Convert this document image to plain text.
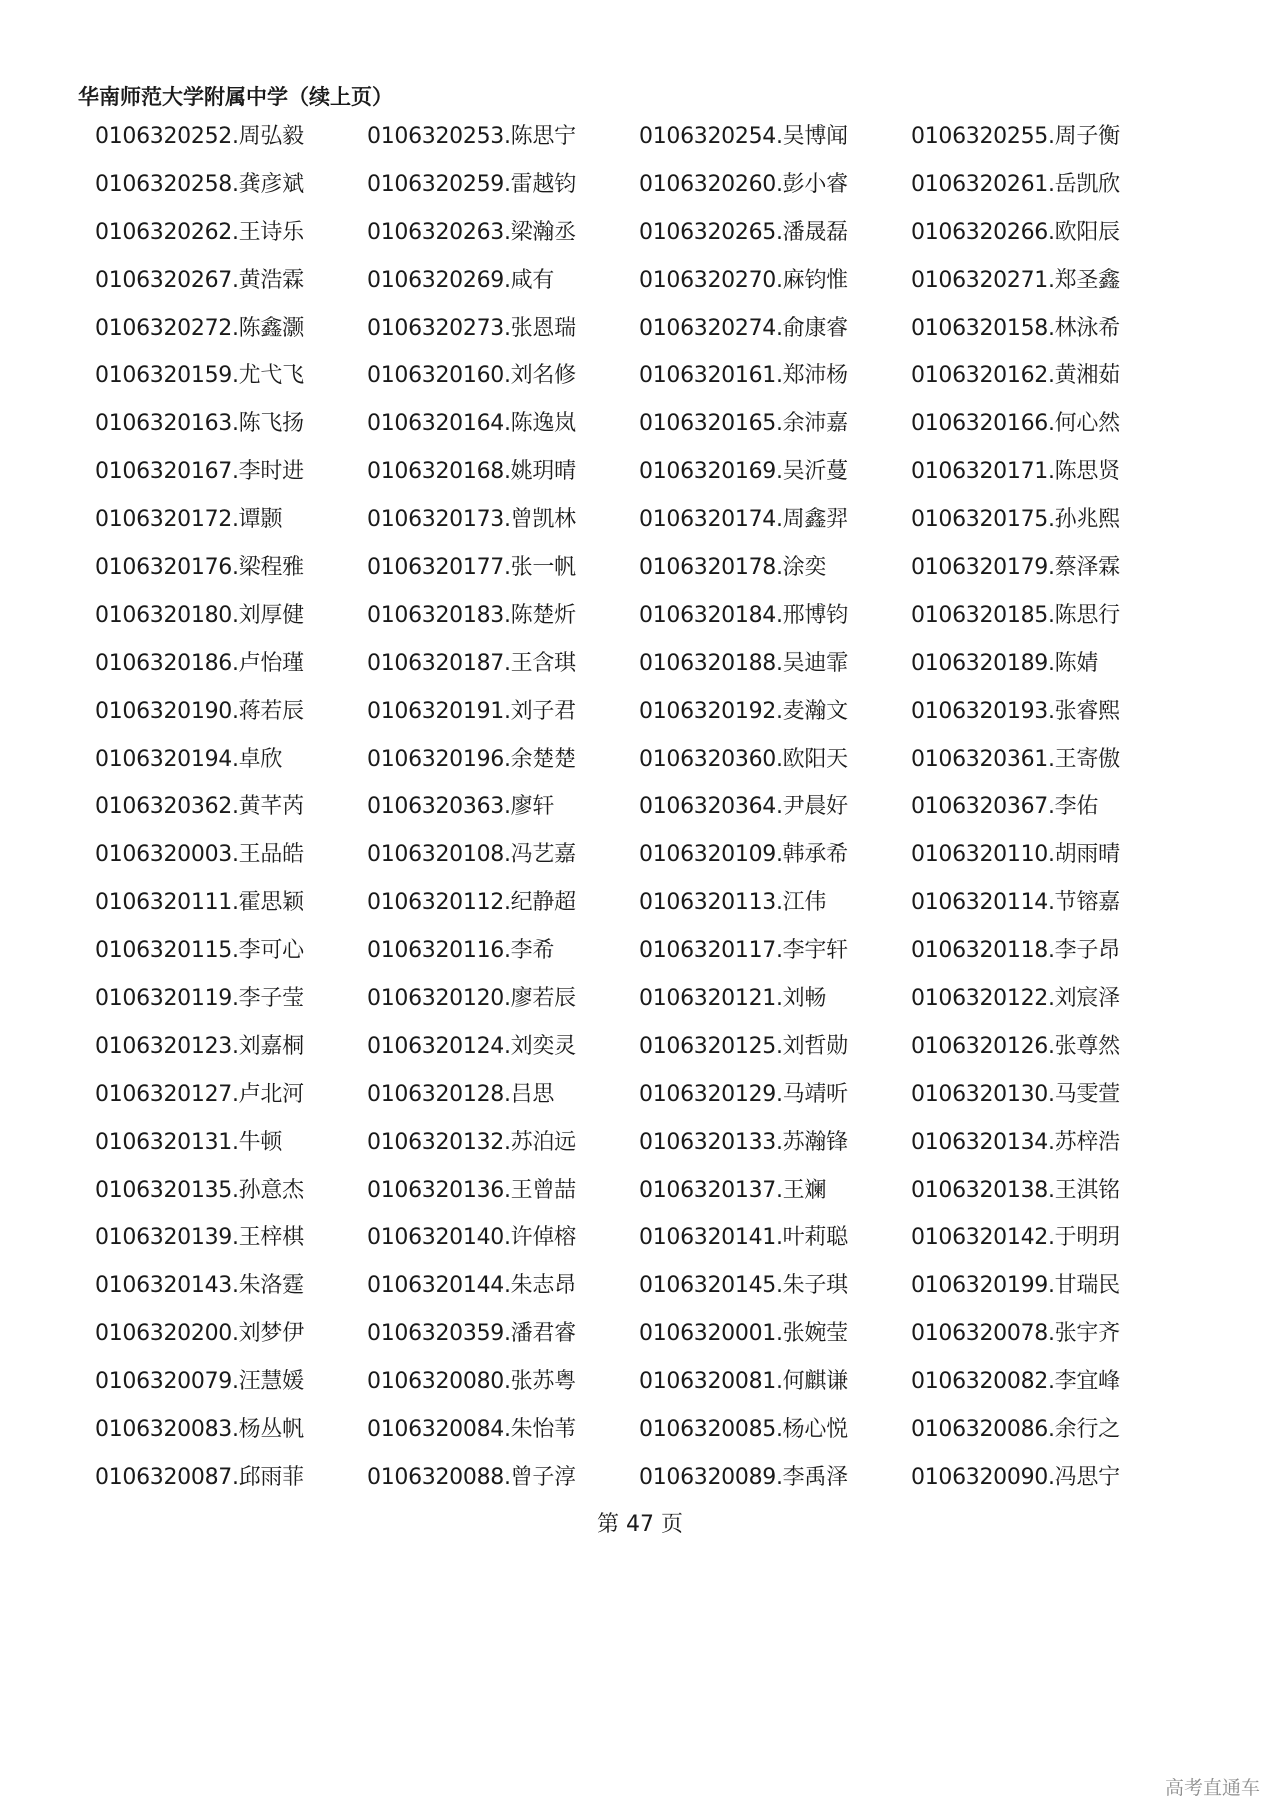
华南师范大学附属中学（续上页）
0106320252.周弘毅	0106320253.陈思宁	0106320254.吴博闻	0106320255.周子衡
0106320258.龚彦斌	0106320259.雷越钧	0106320260.彭小睿	0106320261.岳凯欣
0106320262.王诗乐	0106320263.梁瀚丞	0106320265.潘晟磊	0106320266.欧阳辰
0106320267.黄浩霖	0106320269.咸有	0106320270.麻钧惟	0106320271.郑圣鑫
0106320272.陈鑫灏	0106320273.张恩瑞	0106320274.俞康睿	0106320158.林泳希
0106320159.尤弋飞	0106320160.刘名修	0106320161.郑沛杨	0106320162.黄湘茹
0106320163.陈飞扬	0106320164.陈逸岚	0106320165.余沛嘉	0106320166.何心然
0106320167.李时进	0106320168.姚玥晴	0106320169.吴沂蔓	0106320171.陈思贤
0106320172.谭颢	0106320173.曾凯林	0106320174.周鑫羿	0106320175.孙兆熙
0106320176.梁程雅	0106320177.张一帆	0106320178.涂奕	0106320179.蔡泽霖
0106320180.刘厚健	0106320183.陈楚炘	0106320184.邢博钧	0106320185.陈思行
0106320186.卢怡瑾	0106320187.王含琪	0106320188.吴迪霏	0106320189.陈婧
0106320190.蒋若辰	0106320191.刘子君	0106320192.麦瀚文	0106320193.张睿熙
0106320194.卓欣	0106320196.余楚楚	0106320360.欧阳天	0106320361.王寄傲
0106320362.黄芊芮	0106320363.廖轩	0106320364.尹晨好	0106320367.李佑
0106320003.王品皓	0106320108.冯艺嘉	0106320109.韩承希	0106320110.胡雨晴
0106320111.霍思颖	0106320112.纪静超	0106320113.江伟	0106320114.节镕嘉
0106320115.李可心	0106320116.李希	0106320117.李宇轩	0106320118.李子昂
0106320119.李子莹	0106320120.廖若辰	0106320121.刘畅	0106320122.刘宸泽
0106320123.刘嘉桐	0106320124.刘奕灵	0106320125.刘哲勋	0106320126.张尊然
0106320127.卢北河	0106320128.吕思	0106320129.马靖听	0106320130.马雯萱
0106320131.牛顿	0106320132.苏泊远	0106320133.苏瀚锋	0106320134.苏梓浩
0106320135.孙意杰	0106320136.王曾喆	0106320137.王斓	0106320138.王淇铭
0106320139.王梓棋	0106320140.许倬榕	0106320141.叶莉聪	0106320142.于明玥
0106320143.朱洛霆	0106320144.朱志昂	0106320145.朱子琪	0106320199.甘瑞民
0106320200.刘梦伊	0106320359.潘君睿	0106320001.张婉莹	0106320078.张宇齐
0106320079.汪慧媛	0106320080.张苏粤	0106320081.何麒谦	0106320082.李宜峰
0106320083.杨丛帆	0106320084.朱怡苇	0106320085.杨心悦	0106320086.余行之
0106320087.邱雨菲	0106320088.曾子淳	0106320089.李禹泽	0106320090.冯思宁
第 47 页
高考直通车
